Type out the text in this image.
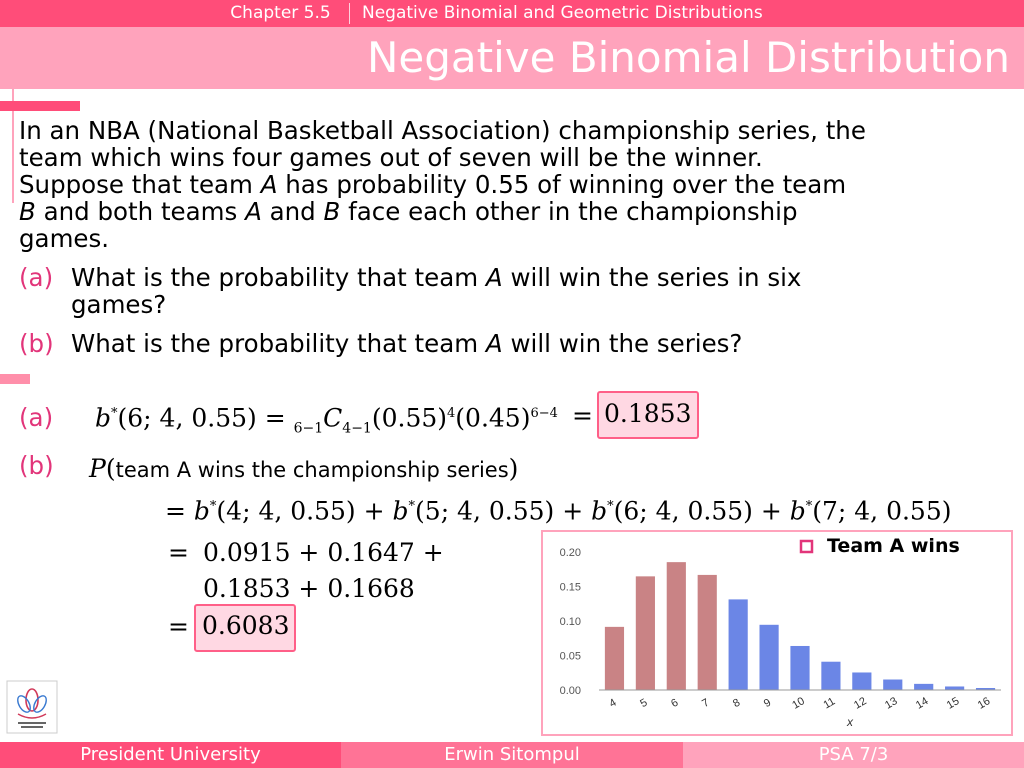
Chapter 5.5	Negative Binomial and Geometric Distributions
Negative Binomial Distribution
In an NBA (National Basketball Association) championship series, the
team which wins four games out of seven will be the winner.
Suppose that team A has probability 0.55 of winning over the team
B and both teams A and B face each other in the championship
games.
(a) What is the probability that team A will win the series in six
games?
(b) What is the probability that team A will win the series?
(a) b*(6; 4, $0.55) = _{6-1}C_{4-1}(0.55)^4(0.45)^{6-4} = 0.1853$
(b) P(team A wins the championship series)
= b*(4; 4, 0.55) + b*(5; 4, 0.55) + b*(6; 4, 0.55) + b*(7; 4, 0.55)
= 0.0915 + 0.1647 +
0.1853 + 0.1668
= 0.6083
0.20
0.15
0.10
0.05
0.00
4 5 6 7 8 9 10 11 12 13 14 15 16
x
Team A wins
President University	Erwin Sitompul	PSA 7/3
